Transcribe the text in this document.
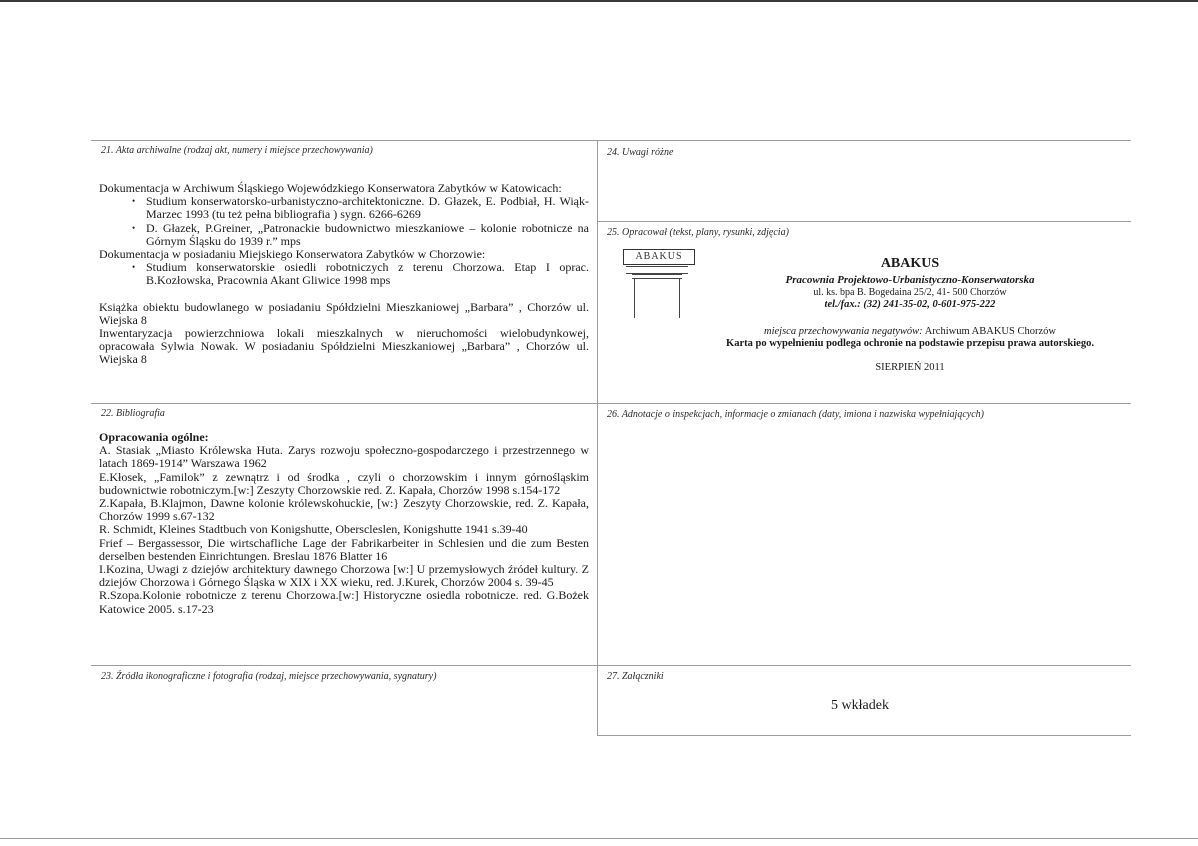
21. Akta archiwalne (rodzaj akt, numery i miejsce przechowywania)

Dokumentacja w Archiwum Śląskiego Wojewódzkiego Konserwatora Zabytków w Katowicach:

• Studium konserwatorsko-urbanistyczno-architektoniczne. D. Głazek, E. Podbiał, H. Wiąk-Marzec 1993 (tu też pełna bibliografia ) sygn. 6266-6269

• D. Głazek, P.Greiner, „Patronackie budownictwo mieszkaniowe – kolonie robotnicze na Górnym Śląsku do 1939 r.” mps

Dokumentacja w posiadaniu Miejskiego Konserwatora Zabytków w Chorzowie:

• Studium konserwatorskie osiedli robotniczych z terenu Chorzowa. Etap I oprac. B.Kozłowska, Pracownia Akant Gliwice 1998 mps

Książka obiektu budowlanego w posiadaniu Spółdzielni Mieszkaniowej „Barbara” , Chorzów ul. Wiejska 8

Inwentaryzacja powierzchniowa lokali mieszkalnych w nieruchomości wielobudynkowej, opracowała Sylwia Nowak. W posiadaniu Spółdzielni Mieszkaniowej „Barbara” , Chorzów ul. Wiejska 8

22. Bibliografia

Opracowania ogólne:

A. Stasiak „Miasto Królewska Huta. Zarys rozwoju społeczno-gospodarczego i przestrzennego w latach 1869-1914” Warszawa 1962

E.Kłosek, „Familok” z zewnątrz i od środka , czyli o chorzowskim i innym górnośląskim budownictwie robotniczym.[w:] Zeszyty Chorzowskie red. Z. Kapała, Chorzów 1998 s.154-172

Z.Kapała, B.Klajmon, Dawne kolonie królewskohuckie, [w:} Zeszyty Chorzowskie, red. Z. Kapała, Chorzów 1999 s.67-132

R. Schmidt, Kleines Stadtbuch von Konigshutte, Oberscleslen, Konigshutte 1941 s.39-40

Frief – Bergassessor, Die wirtschafliche Lage der Fabrikarbeiter in Schlesien und die zum Besten derselben bestenden Einrichtungen. Breslau 1876 Blatter 16

I.Kozina, Uwagi z dziejów architektury dawnego Chorzowa [w:] U przemysłowych źródeł kultury. Z dziejów Chorzowa i Górnego Śląska w XIX i XX wieku, red. J.Kurek, Chorzów 2004 s. 39-45

R.Szopa.Kolonie robotnicze z terenu Chorzowa.[w:] Historyczne osiedla robotnicze. red. G.Bożek Katowice 2005. s.17-23

23. Źródła ikonograficzne i fotografia (rodzaj, miejsce przechowywania, sygnatury)
24. Uwagi różne
25. Opracował (tekst, plany, rysunki, zdjęcia)
ABAKUS	ABAKUS
Pracownia Projektowo-Urbanistyczno-Konserwatorska
ul. ks. bpa B. Bogedaina 25/2, 41- 500 Chorzów
tel./fax.: (32) 241-35-02, 0-601-975-222
miejsca przechowywania negatywów: Archiwum ABAKUS Chorzów
Karta po wypełnieniu podlega ochronie na podstawie przepisu prawa autorskiego.
SIERPIEŃ 2011
26. Adnotacje o inspekcjach, informacje o zmianach (daty, imiona i nazwiska wypełniających)
27. Załączniki
5 wkładek
